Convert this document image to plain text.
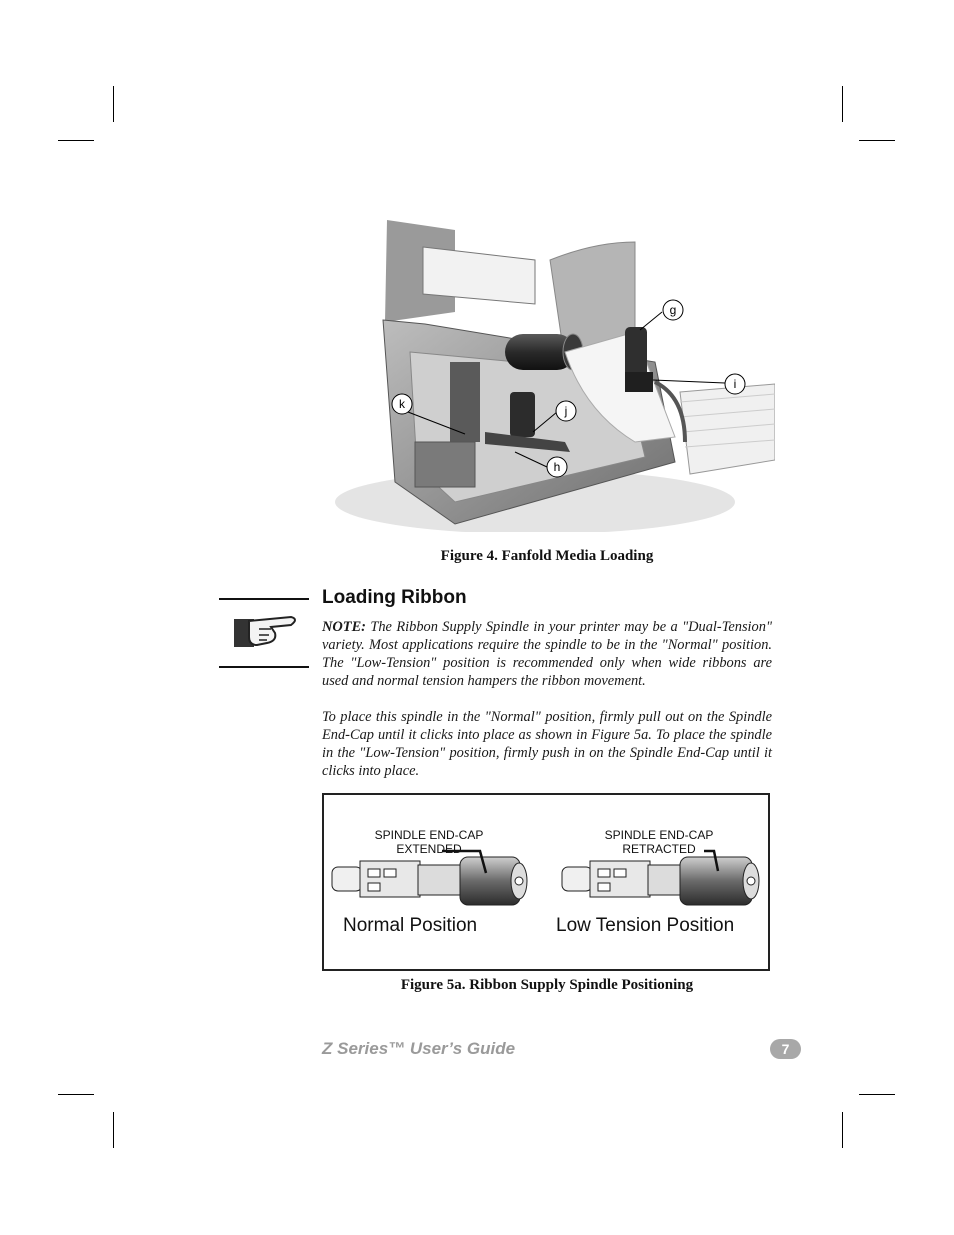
g
i
j
k
h
Figure 4. Fanfold Media Loading
Loading Ribbon
NOTE: The Ribbon Supply Spindle in your printer may be a "Dual-Tension" variety. Most applications require the spindle to be in the "Normal" position. The "Low-Tension" position is recommended only when wide ribbons are used and normal tension hampers the ribbon movement.
To place this spindle in the "Normal" position, firmly pull out on the Spindle End-Cap until it clicks into place as shown in Figure 5a. To place the spindle in the "Low-Tension" position, firmly push in on the Spindle End-Cap until it clicks into place.
SPINDLE END-CAP
EXTENDED
SPINDLE END-CAP
RETRACTED
Normal Position	Low Tension Position
Figure 5a. Ribbon Supply Spindle Positioning
Z Series™ User’s Guide	7
